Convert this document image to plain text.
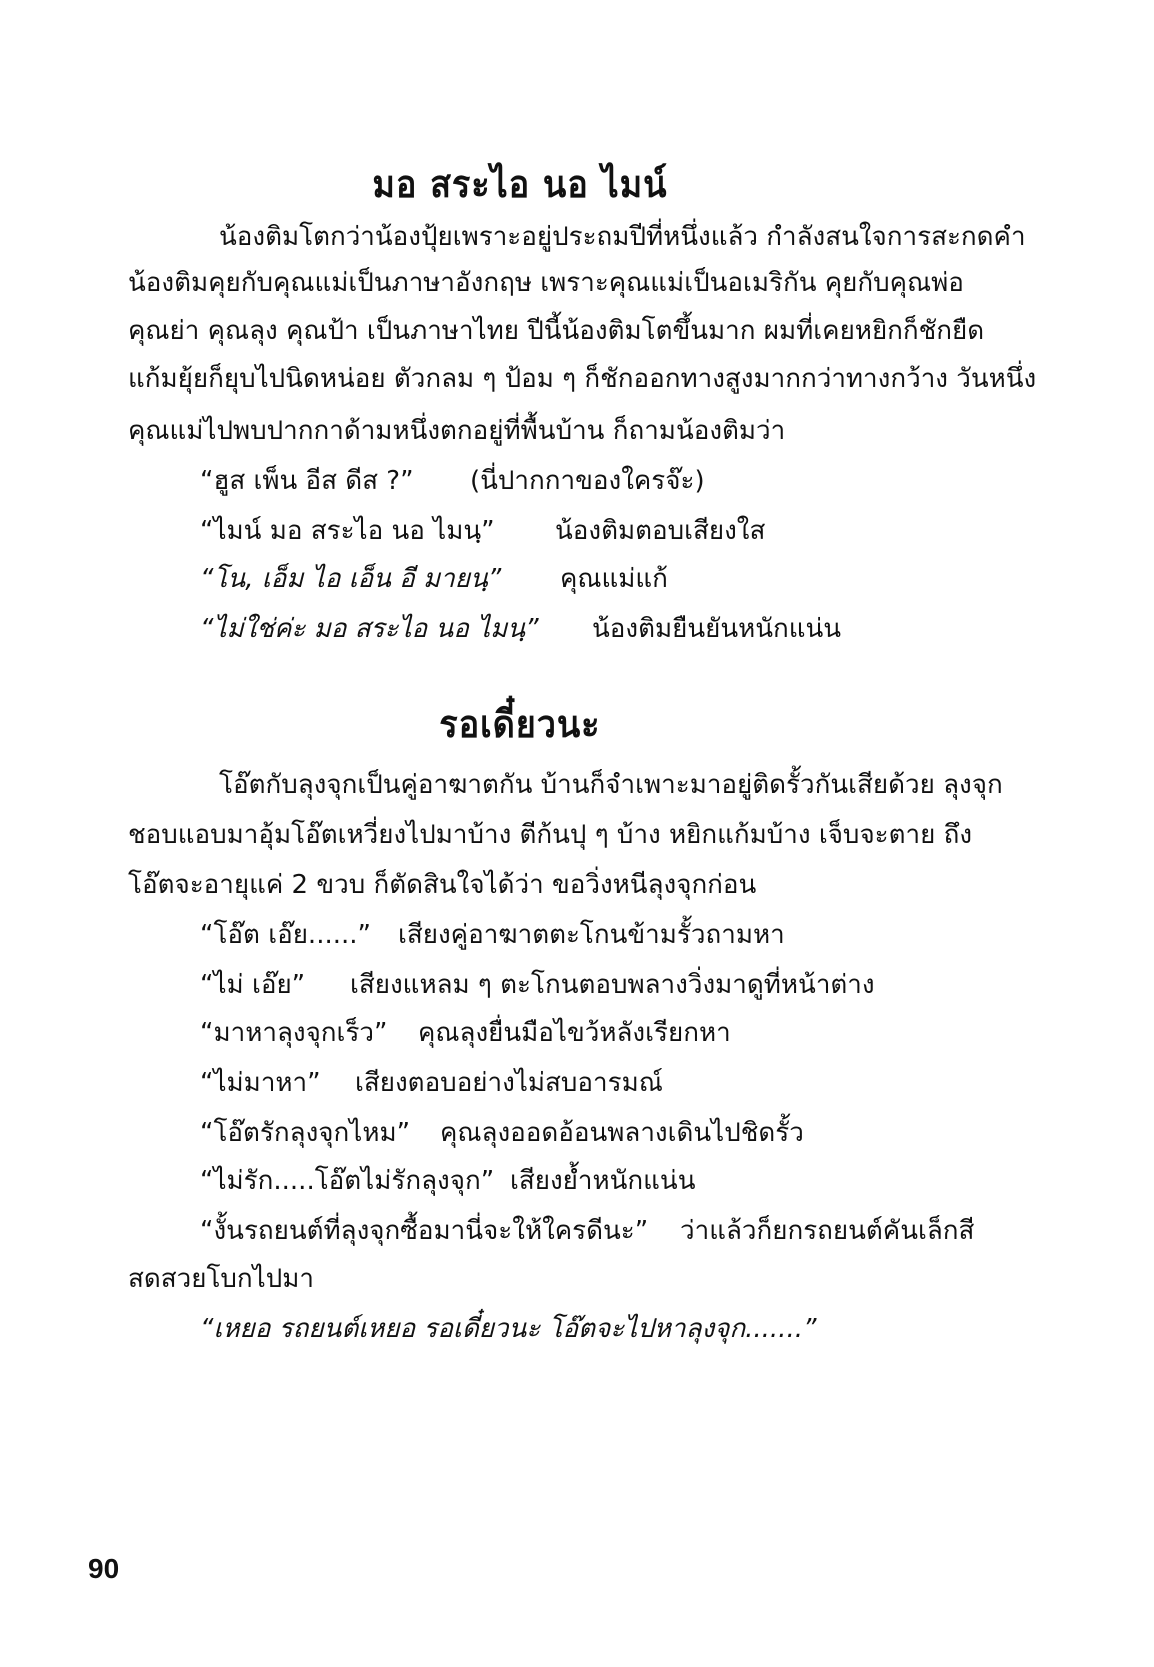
มอ สระไอ นอ ไมน์
น้องติมโตกว่าน้องปุ้ยเพราะอยู่ประถมปีที่หนึ่งแล้ว กำลังสนใจการสะกดคำ
น้องติมคุยกับคุณแม่เป็นภาษาอังกฤษ เพราะคุณแม่เป็นอเมริกัน คุยกับคุณพ่อ
คุณย่า คุณลุง คุณป้า เป็นภาษาไทย ปีนี้น้องติมโตขึ้นมาก ผมที่เคยหยิกก็ชักยืด
แก้มยุ้ยก็ยุบไปนิดหน่อย ตัวกลม ๆ ป้อม ๆ ก็ชักออกทางสูงมากกว่าทางกว้าง วันหนึ่ง
คุณแม่ไปพบปากกาด้ามหนึ่งตกอยู่ที่พื้นบ้าน ก็ถามน้องติมว่า
“ฮูส เพ็น อีส ดีส ?” (นี่ปากกาของใครจ๊ะ)
“ไมน์ มอ สระไอ นอ ไมนฺ” น้องติมตอบเสียงใส
“โน, เอ็ม ไอ เอ็น อี มายนฺ” คุณแม่แก้
“ไม่ใช่ค่ะ มอ สระไอ นอ ไมนฺ” น้องติมยืนยันหนักแน่น
รอเดี๋ยวนะ
โอ๊ตกับลุงจุกเป็นคู่อาฆาตกัน บ้านก็จำเพาะมาอยู่ติดรั้วกันเสียด้วย ลุงจุก
ชอบแอบมาอุ้มโอ๊ตเหวี่ยงไปมาบ้าง ตีก้นปุ ๆ บ้าง หยิกแก้มบ้าง เจ็บจะตาย ถึง
โอ๊ตจะอายุแค่ 2 ขวบ ก็ตัดสินใจได้ว่า ขอวิ่งหนีลุงจุกก่อน
“โอ๊ต เอ๊ย......” เสียงคู่อาฆาตตะโกนข้ามรั้วถามหา
“ไม่ เอ๊ย” เสียงแหลม ๆ ตะโกนตอบพลางวิ่งมาดูที่หน้าต่าง
“มาหาลุงจุกเร็ว” คุณลุงยื่นมือไขว้หลังเรียกหา
“ไม่มาหา” เสียงตอบอย่างไม่สบอารมณ์
“โอ๊ตรักลุงจุกไหม” คุณลุงออดอ้อนพลางเดินไปชิดรั้ว
“ไม่รัก.....โอ๊ตไม่รักลุงจุก” เสียงย้ำหนักแน่น
“งั้นรถยนต์ที่ลุงจุกซื้อมานี่จะให้ใครดีนะ” ว่าแล้วก็ยกรถยนต์คันเล็กสี
สดสวยโบกไปมา
“เหยอ รถยนต์เหยอ รอเดี๋ยวนะ โอ๊ตจะไปหาลุงจุก.......”
90
